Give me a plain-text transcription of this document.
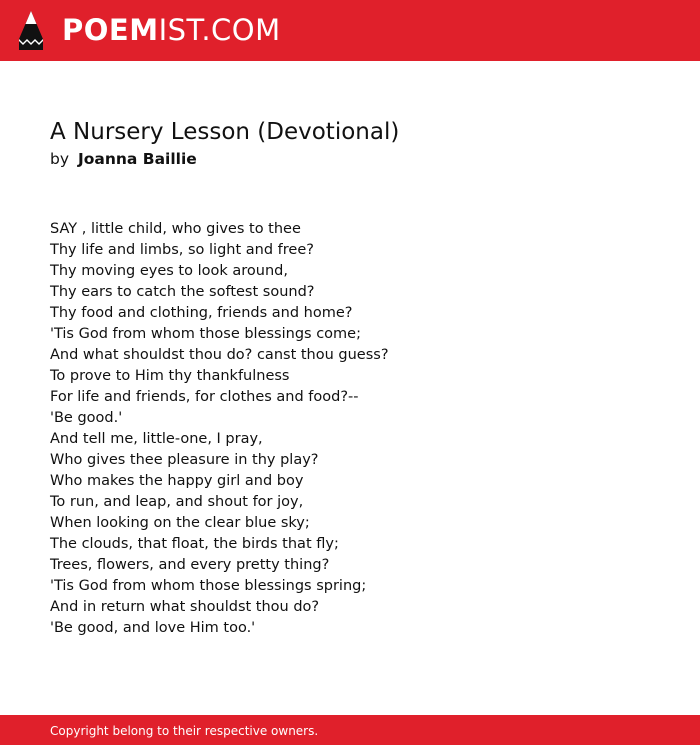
POEMIST.COM
A Nursery Lesson (Devotional)
by Joanna Baillie
SAY , little child, who gives to thee
Thy life and limbs, so light and free?
Thy moving eyes to look around,
Thy ears to catch the softest sound?
Thy food and clothing, friends and home?
'Tis God from whom those blessings come;
And what shouldst thou do? canst thou guess?
To prove to Him thy thankfulness
For life and friends, for clothes and food?--
'Be good.'
And tell me, little-one, I pray,
Who gives thee pleasure in thy play?
Who makes the happy girl and boy
To run, and leap, and shout for joy,
When looking on the clear blue sky;
The clouds, that float, the birds that fly;
Trees, flowers, and every pretty thing?
'Tis God from whom those blessings spring;
And in return what shouldst thou do?
'Be good, and love Him too.'
Copyright belong to their respective owners.
